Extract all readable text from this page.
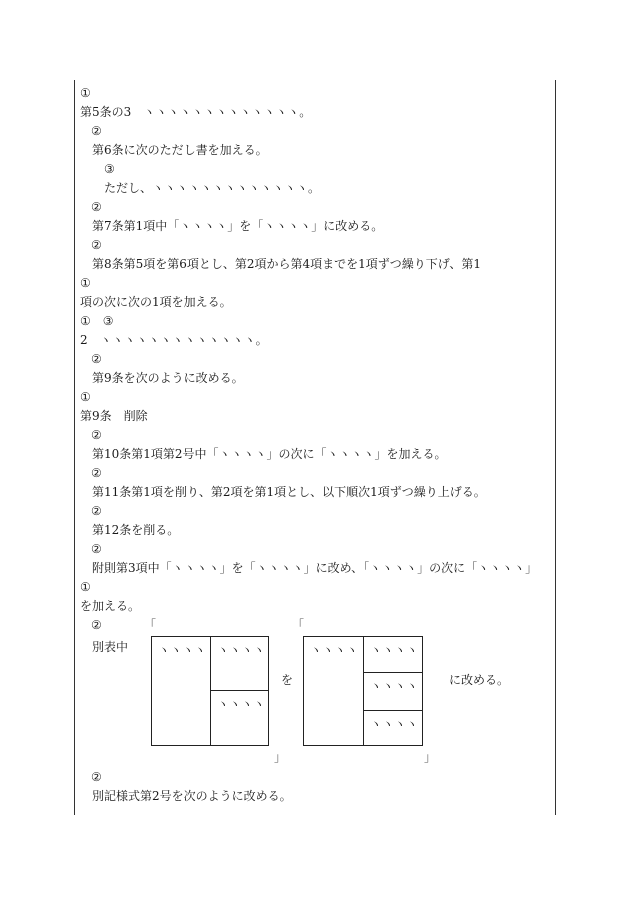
①
第5条の3　ヽヽヽヽヽヽヽヽヽヽヽヽヽ。
②
第6条に次のただし書を加える。
③
ただし、ヽヽヽヽヽヽヽヽヽヽヽヽヽ。
②
第7条第1項中「ヽヽヽヽ」を「ヽヽヽヽ」に改める。
②
第8条第5項を第6項とし、第2項から第4項までを1項ずつ繰り下げ、第1
①
項の次に次の1項を加える。
①　③
2　ヽヽヽヽヽヽヽヽヽヽヽヽヽ。
②
第9条を次のように改める。
①
第9条　削除
②
第10条第1項第2号中「ヽヽヽヽ」の次に「ヽヽヽヽ」を加える。
②
第11条第1項を削り、第2項を第1項とし、以下順次1項ずつ繰り上げる。
②
第12条を削る。
②
附則第3項中「ヽヽヽヽ」を「ヽヽヽヽ」に改め、「ヽヽヽヽ」の次に「ヽヽヽヽ」
①
を加える。
②
別表中
「	「
ヽヽヽヽ ヽヽヽヽ
ヽヽヽヽ
を
ヽヽヽヽ ヽヽヽヽ
ヽヽヽヽ
ヽヽヽヽ
に改める。
」	」
②
別記様式第2号を次のように改める。
